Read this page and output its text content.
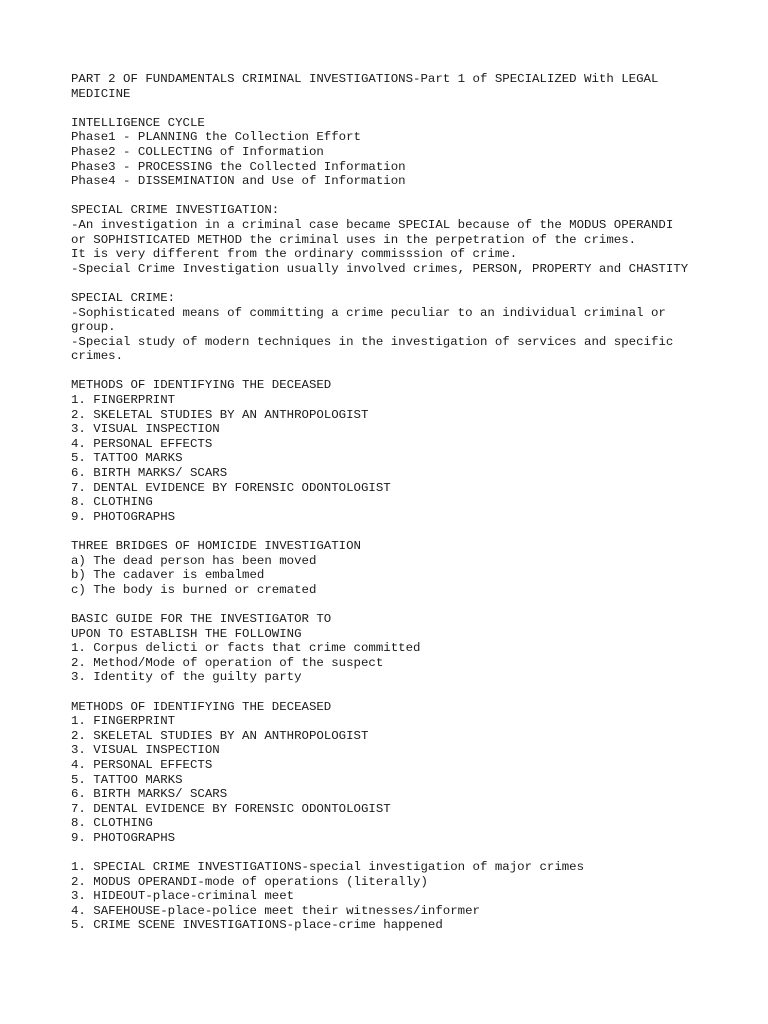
PART 2 OF FUNDAMENTALS CRIMINAL INVESTIGATIONS-Part 1 of SPECIALIZED With LEGAL
MEDICINE
INTELLIGENCE CYCLE
Phase1 - PLANNING the Collection Effort
Phase2 - COLLECTING of Information
Phase3 - PROCESSING the Collected Information
Phase4 - DISSEMINATION and Use of Information
SPECIAL CRIME INVESTIGATION:
-An investigation in a criminal case became SPECIAL because of the MODUS OPERANDI
or SOPHISTICATED METHOD the criminal uses in the perpetration of the crimes.
It is very different from the ordinary commisssion of crime.
-Special Crime Investigation usually involved crimes, PERSON, PROPERTY and CHASTITY
SPECIAL CRIME:
-Sophisticated means of committing a crime peculiar to an individual criminal or
group.
-Special study of modern techniques in the investigation of services and specific
crimes.
METHODS OF IDENTIFYING THE DECEASED
1. FINGERPRINT
2. SKELETAL STUDIES BY AN ANTHROPOLOGIST
3. VISUAL INSPECTION
4. PERSONAL EFFECTS
5. TATTOO MARKS
6. BIRTH MARKS/ SCARS
7. DENTAL EVIDENCE BY FORENSIC ODONTOLOGIST
8. CLOTHING
9. PHOTOGRAPHS
THREE BRIDGES OF HOMICIDE INVESTIGATION
a) The dead person has been moved
b) The cadaver is embalmed
c) The body is burned or cremated
BASIC GUIDE FOR THE INVESTIGATOR TO
UPON TO ESTABLISH THE FOLLOWING
1. Corpus delicti or facts that crime committed
2. Method/Mode of operation of the suspect
3. Identity of the guilty party
METHODS OF IDENTIFYING THE DECEASED
1. FINGERPRINT
2. SKELETAL STUDIES BY AN ANTHROPOLOGIST
3. VISUAL INSPECTION
4. PERSONAL EFFECTS
5. TATTOO MARKS
6. BIRTH MARKS/ SCARS
7. DENTAL EVIDENCE BY FORENSIC ODONTOLOGIST
8. CLOTHING
9. PHOTOGRAPHS
1. SPECIAL CRIME INVESTIGATIONS-special investigation of major crimes
2. MODUS OPERANDI-mode of operations (literally)
3. HIDEOUT-place-criminal meet
4. SAFEHOUSE-place-police meet their witnesses/informer
5. CRIME SCENE INVESTIGATIONS-place-crime happened
